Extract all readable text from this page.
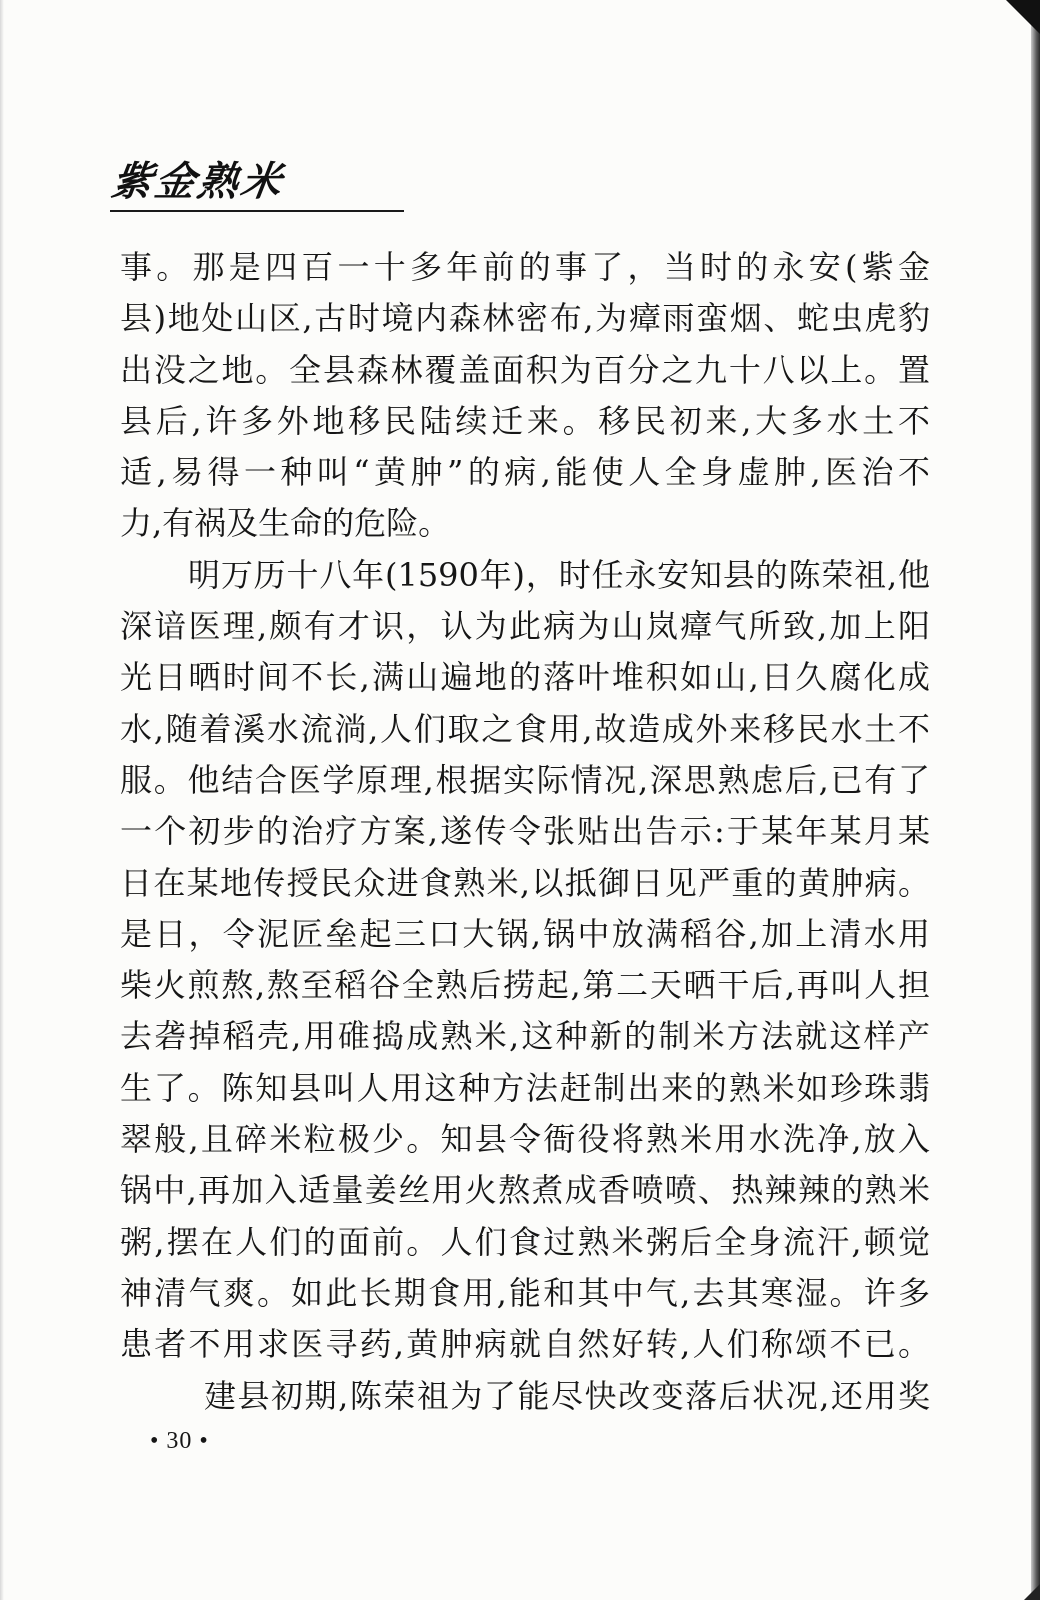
紫金熟米
事。那是四百一十多年前的事了，当时的永安(紫金
县)地处山区,古时境内森林密布,为瘴雨蛮烟、蛇虫虎豹
出没之地。全县森林覆盖面积为百分之九十八以上。置
县后,许多外地移民陆续迁来。移民初来,大多水土不
适,易得一种叫“黄肿”的病,能使人全身虚肿,医治不
力,有祸及生命的危险。
明万历十八年(1590年)，时任永安知县的陈荣祖,他
深谙医理,颇有才识，认为此病为山岚瘴气所致,加上阳
光日晒时间不长,满山遍地的落叶堆积如山,日久腐化成
水,随着溪水流淌,人们取之食用,故造成外来移民水土不
服。他结合医学原理,根据实际情况,深思熟虑后,已有了
一个初步的治疗方案,遂传令张贴出告示:于某年某月某
日在某地传授民众进食熟米,以抵御日见严重的黄肿病。
是日，令泥匠垒起三口大锅,锅中放满稻谷,加上清水用
柴火煎熬,熬至稻谷全熟后捞起,第二天晒干后,再叫人担
去砻掉稻壳,用碓捣成熟米,这种新的制米方法就这样产
生了。陈知县叫人用这种方法赶制出来的熟米如珍珠翡
翠般,且碎米粒极少。知县令衙役将熟米用水洗净,放入
锅中,再加入适量姜丝用火熬煮成香喷喷、热辣辣的熟米
粥,摆在人们的面前。人们食过熟米粥后全身流汗,顿觉
神清气爽。如此长期食用,能和其中气,去其寒湿。许多
患者不用求医寻药,黄肿病就自然好转,人们称颂不已。
建县初期,陈荣祖为了能尽快改变落后状况,还用奖
• 30 •
